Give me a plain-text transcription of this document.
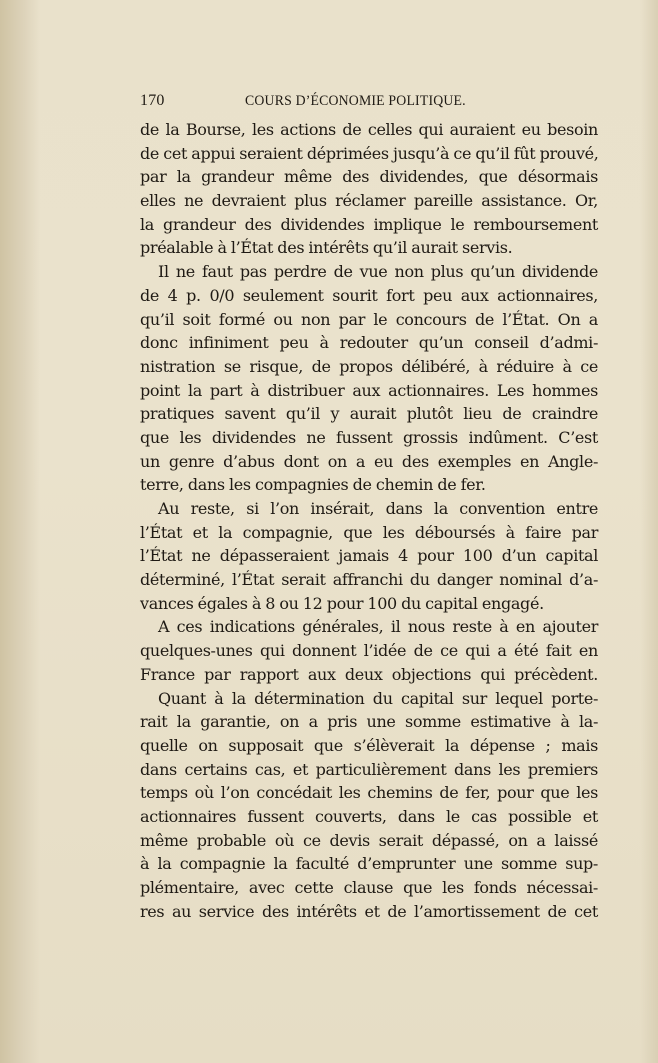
170	COURS D’ÉCONOMIE POLITIQUE.
de la Bourse, les actions de celles qui auraient eu besoin
de cet appui seraient déprimées jusqu’à ce qu’il fût prouvé,
par la grandeur même des dividendes, que désormais
elles ne devraient plus réclamer pareille assistance. Or,
la grandeur des dividendes implique le remboursement
préalable à l’État des intérêts qu’il aurait servis.
Il ne faut pas perdre de vue non plus qu’un dividende
de 4 p. 0/0 seulement sourit fort peu aux actionnaires,
qu’il soit formé ou non par le concours de l’État. On a
donc infiniment peu à redouter qu’un conseil d’admi-
nistration se risque, de propos délibéré, à réduire à ce
point la part à distribuer aux actionnaires. Les hommes
pratiques savent qu’il y aurait plutôt lieu de craindre
que les dividendes ne fussent grossis indûment. C’est
un genre d’abus dont on a eu des exemples en Angle-
terre, dans les compagnies de chemin de fer.
Au reste, si l’on insérait, dans la convention entre
l’État et la compagnie, que les déboursés à faire par
l’État ne dépasseraient jamais 4 pour 100 d’un capital
déterminé, l’État serait affranchi du danger nominal d’a-
vances égales à 8 ou 12 pour 100 du capital engagé.
A ces indications générales, il nous reste à en ajouter
quelques-unes qui donnent l’idée de ce qui a été fait en
France par rapport aux deux objections qui précèdent.
Quant à la détermination du capital sur lequel porte-
rait la garantie, on a pris une somme estimative à la-
quelle on supposait que s’élèverait la dépense ; mais
dans certains cas, et particulièrement dans les premiers
temps où l’on concédait les chemins de fer, pour que les
actionnaires fussent couverts, dans le cas possible et
même probable où ce devis serait dépassé, on a laissé
à la compagnie la faculté d’emprunter une somme sup-
plémentaire, avec cette clause que les fonds nécessai-
res au service des intérêts et de l’amortissement de cet
